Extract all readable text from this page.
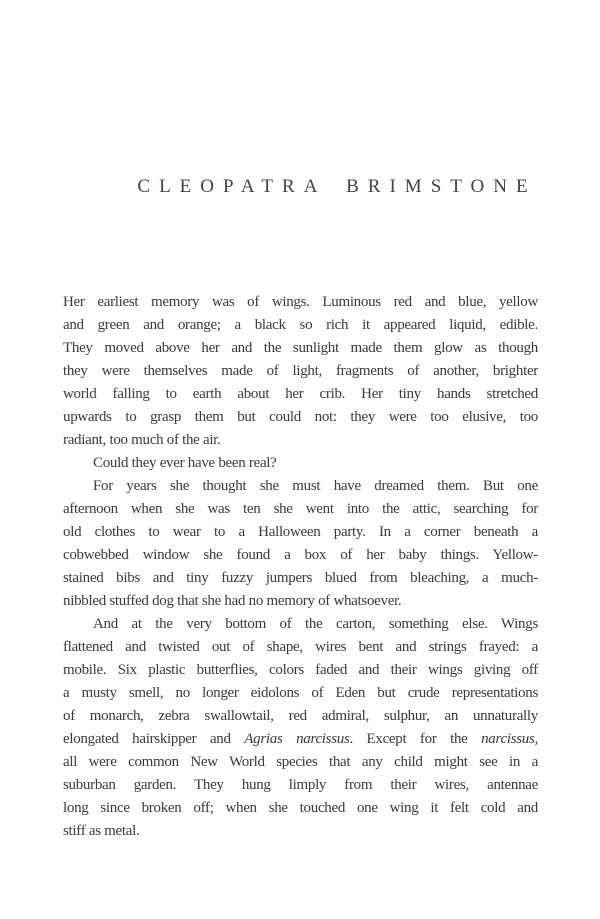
CLEOPATRA BRIMSTONE
Her earliest memory was of wings. Luminous red and blue, yellow
and green and orange; a black so rich it appeared liquid, edible.
They moved above her and the sunlight made them glow as though
they were themselves made of light, fragments of another, brighter
world falling to earth about her crib. Her tiny hands stretched
upwards to grasp them but could not: they were too elusive, too
radiant, too much of the air.
Could they ever have been real?
For years she thought she must have dreamed them. But one
afternoon when she was ten she went into the attic, searching for
old clothes to wear to a Halloween party. In a corner beneath a
cobwebbed window she found a box of her baby things. Yellow-
stained bibs and tiny fuzzy jumpers blued from bleaching, a much-
nibbled stuffed dog that she had no memory of whatsoever.
And at the very bottom of the carton, something else. Wings
flattened and twisted out of shape, wires bent and strings frayed: a
mobile. Six plastic butterflies, colors faded and their wings giving off
a musty smell, no longer eidolons of Eden but crude representations
of monarch, zebra swallowtail, red admiral, sulphur, an unnaturally
elongated hairskipper and Agrias narcissus. Except for the narcissus,
all were common New World species that any child might see in a
suburban garden. They hung limply from their wires, antennae
long since broken off; when she touched one wing it felt cold and
stiff as metal.
